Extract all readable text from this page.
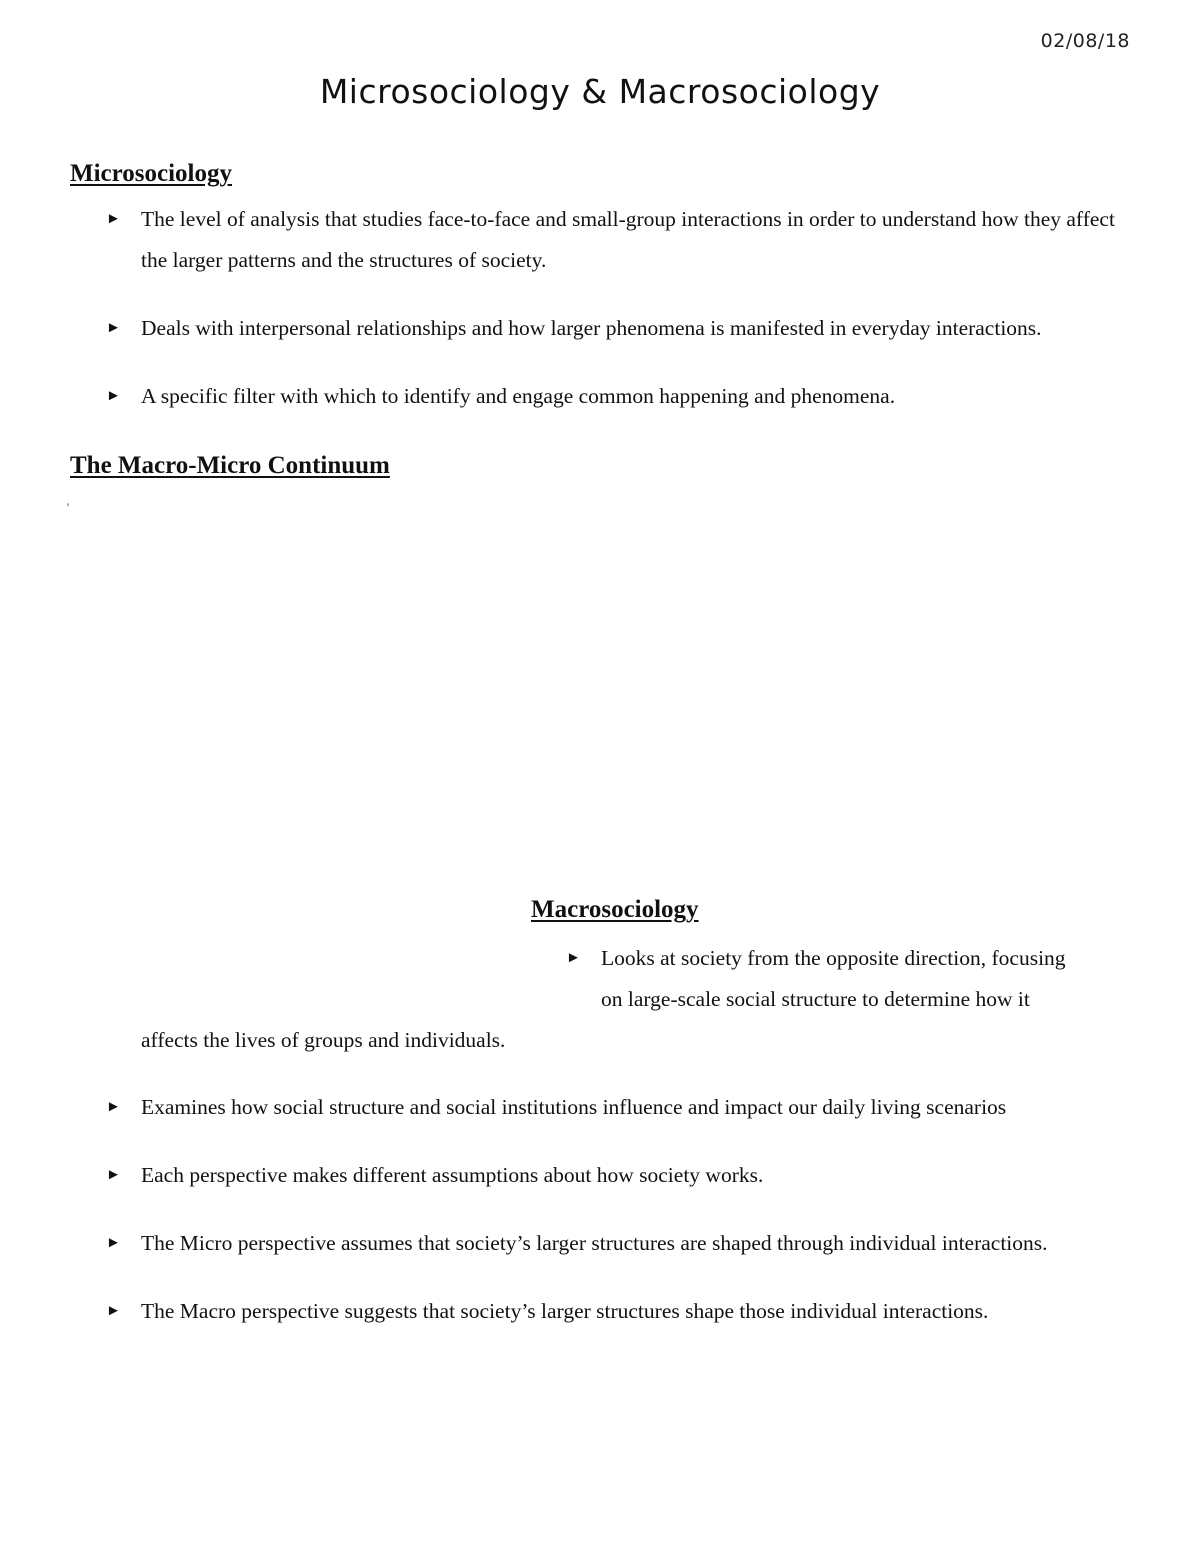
02/08/18
Microsociology & Macrosociology
Microsociology
► The level of analysis that studies face-to-face and small-group interactions in order to understand how they affect the larger patterns and the structures of society.
► Deals with interpersonal relationships and how larger phenomena is manifested in everyday interactions.
► A specific filter with which to identify and engage common happening and phenomena.
The Macro-Micro Continuum
'
Macrosociology
► Looks at society from the opposite direction, focusing
on large-scale social structure to determine how it
affects the lives of groups and individuals.
► Examines how social structure and social institutions influence and impact our daily living scenarios
► Each perspective makes different assumptions about how society works.
► The Micro perspective assumes that society’s larger structures are shaped through individual interactions.
► The Macro perspective suggests that society’s larger structures shape those individual interactions.
